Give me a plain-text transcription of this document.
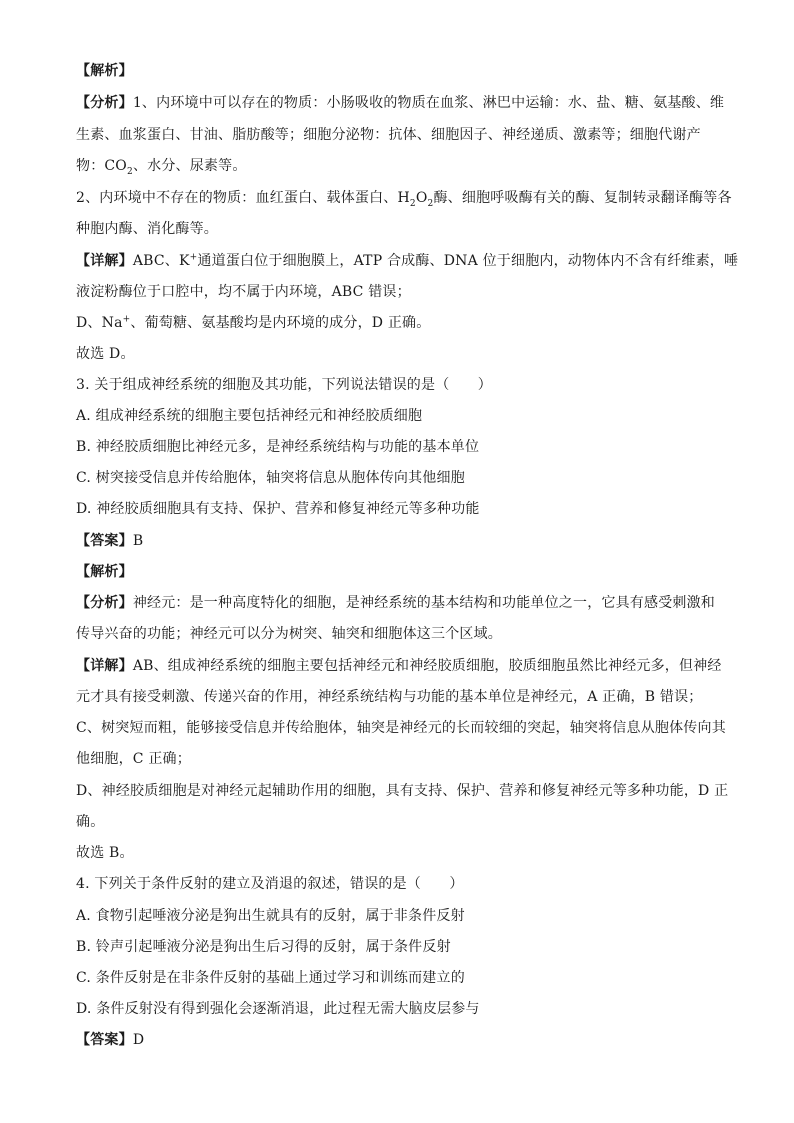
【解析】
【分析】1、内环境中可以存在的物质：小肠吸收的物质在血浆、淋巴中运输：水、盐、糖、氨基酸、维
生素、血浆蛋白、甘油、脂肪酸等；细胞分泌物：抗体、细胞因子、神经递质、激素等；细胞代谢产
物：$CO_2$、水分、尿素等。
2、内环境中不存在的物质：血红蛋白、载体蛋白、$H_2O_2$酶、细胞呼吸酶有关的酶、复制转录翻译酶等各
种胞内酶、消化酶等。
【详解】ABC、K+通道蛋白位于细胞膜上，ATP 合成酶、DNA 位于细胞内，动物体内不含有纤维素，唾
液淀粉酶位于口腔中，均不属于内环境，ABC 错误；
D、Na+、葡萄糖、氨基酸均是内环境的成分，D 正确。
故选 D。
3. 关于组成神经系统的细胞及其功能，下列说法错误的是（　　）
A. 组成神经系统的细胞主要包括神经元和神经胶质细胞
B. 神经胶质细胞比神经元多，是神经系统结构与功能的基本单位
C. 树突接受信息并传给胞体，轴突将信息从胞体传向其他细胞
D. 神经胶质细胞具有支持、保护、营养和修复神经元等多种功能
【答案】B
【解析】
【分析】神经元：是一种高度特化的细胞，是神经系统的基本结构和功能单位之一，它具有感受刺激和
传导兴奋的功能；神经元可以分为树突、轴突和细胞体这三个区域。
【详解】AB、组成神经系统的细胞主要包括神经元和神经胶质细胞，胶质细胞虽然比神经元多，但神经
元才具有接受刺激、传递兴奋的作用，神经系统结构与功能的基本单位是神经元，A 正确，B 错误；
C、树突短而粗，能够接受信息并传给胞体，轴突是神经元的长而较细的突起，轴突将信息从胞体传向其
他细胞，C 正确；
D、神经胶质细胞是对神经元起辅助作用的细胞，具有支持、保护、营养和修复神经元等多种功能，D 正
确。
故选 B。
4. 下列关于条件反射的建立及消退的叙述，错误的是（　　）
A. 食物引起唾液分泌是狗出生就具有的反射，属于非条件反射
B. 铃声引起唾液分泌是狗出生后习得的反射，属于条件反射
C. 条件反射是在非条件反射的基础上通过学习和训练而建立的
D. 条件反射没有得到强化会逐渐消退，此过程无需大脑皮层参与
【答案】D
